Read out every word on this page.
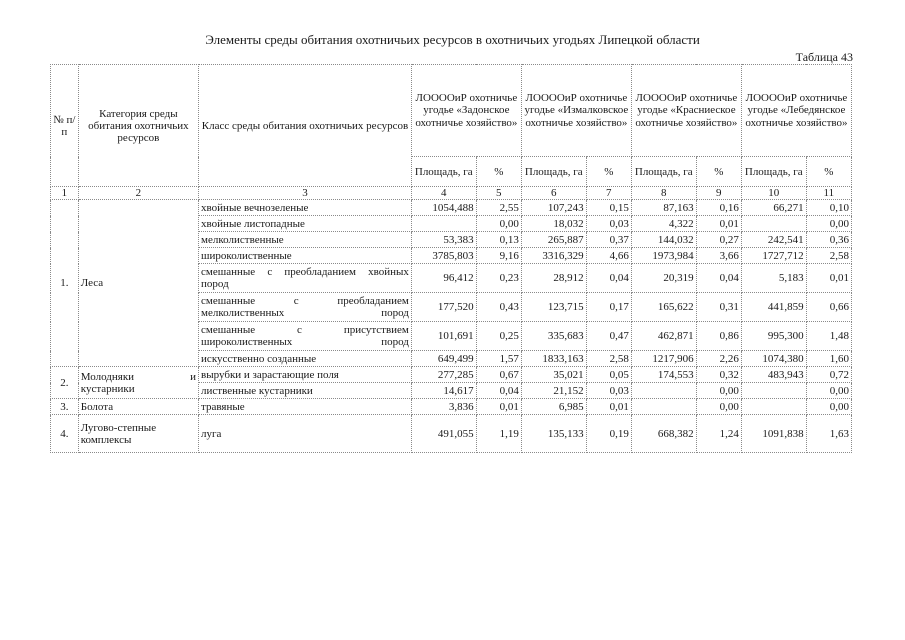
Элементы среды обитания охотничьих ресурсов в охотничьих угодьях Липецкой области
Таблица 43
№ п/п	Категория среды обитания охотничьих ресурсов	Класс среды обитания охотничьих ресурсов	ЛООООиР охотничье угодье «Задонское охотничье хозяйство»		ЛООООиР охотничье угодье «Измалковское охотничье хозяйство»		ЛООООиР охотничье угодье «Красниеское охотничье хозяйство»		ЛООООиР охотничье угодье «Лебедянское охотничье хозяйство»	
			Площадь, га	%	Площадь, га	%	Площадь, га	%	Площадь, га	%
1	2	3	4	5	6	7	8	9	10	11
1.	Леса	хвойные вечнозеленые	1054,488	2,55	107,243	0,15	87,163	0,16	66,271	0,10
		хвойные листопадные		0,00	18,032	0,03	4,322	0,01		0,00
		мелколиственные	53,383	0,13	265,887	0,37	144,032	0,27	242,541	0,36
		широколиственные	3785,803	9,16	3316,329	4,66	1973,984	3,66	1727,712	2,58
		смешанные с преобладанием хвойных пород	96,412	0,23	28,912	0,04	20,319	0,04	5,183	0,01
		смешанные с преобладанием мелколиственных пород	177,520	0,43	123,715	0,17	165,622	0,31	441,859	0,66
		смешанные с присутствием широколиственных пород	101,691	0,25	335,683	0,47	462,871	0,86	995,300	1,48
		искусственно созданные	649,499	1,57	1833,163	2,58	1217,906	2,26	1074,380	1,60
2.	Молодняки и кустарники	вырубки и зарастающие поля	277,285	0,67	35,021	0,05	174,553	0,32	483,943	0,72
		лиственные кустарники	14,617	0,04	21,152	0,03		0,00		0,00
3.	Болота	травяные	3,836	0,01	6,985	0,01		0,00		0,00
4.	Лугово-степные комплексы	луга	491,055	1,19	135,133	0,19	668,382	1,24	1091,838	1,63
